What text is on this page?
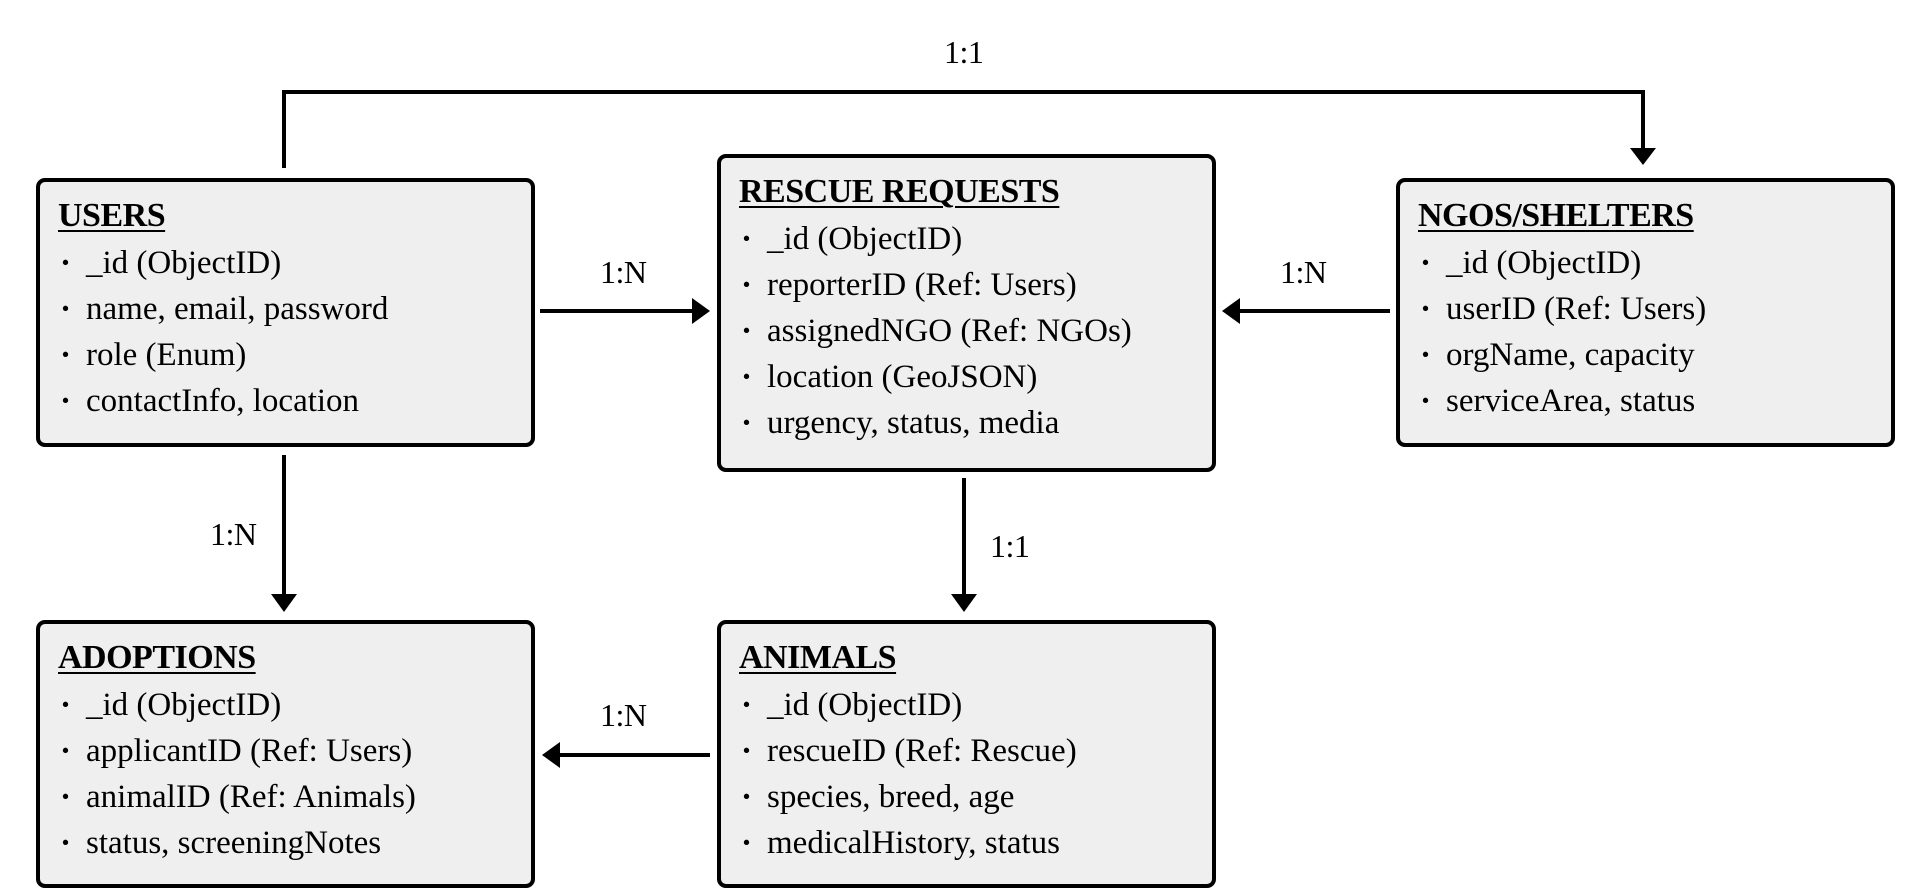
1:1
1:N	1:N
1:N	1:1
1:N
USERS
· _id (ObjectID)
· name, email, password
· role (Enum)
· contactInfo, location
RESCUE REQUESTS
· _id (ObjectID)
· reporterID (Ref: Users)
· assignedNGO (Ref: NGOs)
· location (GeoJSON)
· urgency, status, media
NGOS/SHELTERS
· _id (ObjectID)
· userID (Ref: Users)
· orgName, capacity
· serviceArea, status
ADOPTIONS
· _id (ObjectID)
· applicantID (Ref: Users)
· animalID (Ref: Animals)
· status, screeningNotes
ANIMALS
· _id (ObjectID)
· rescueID (Ref: Rescue)
· species, breed, age
· medicalHistory, status
